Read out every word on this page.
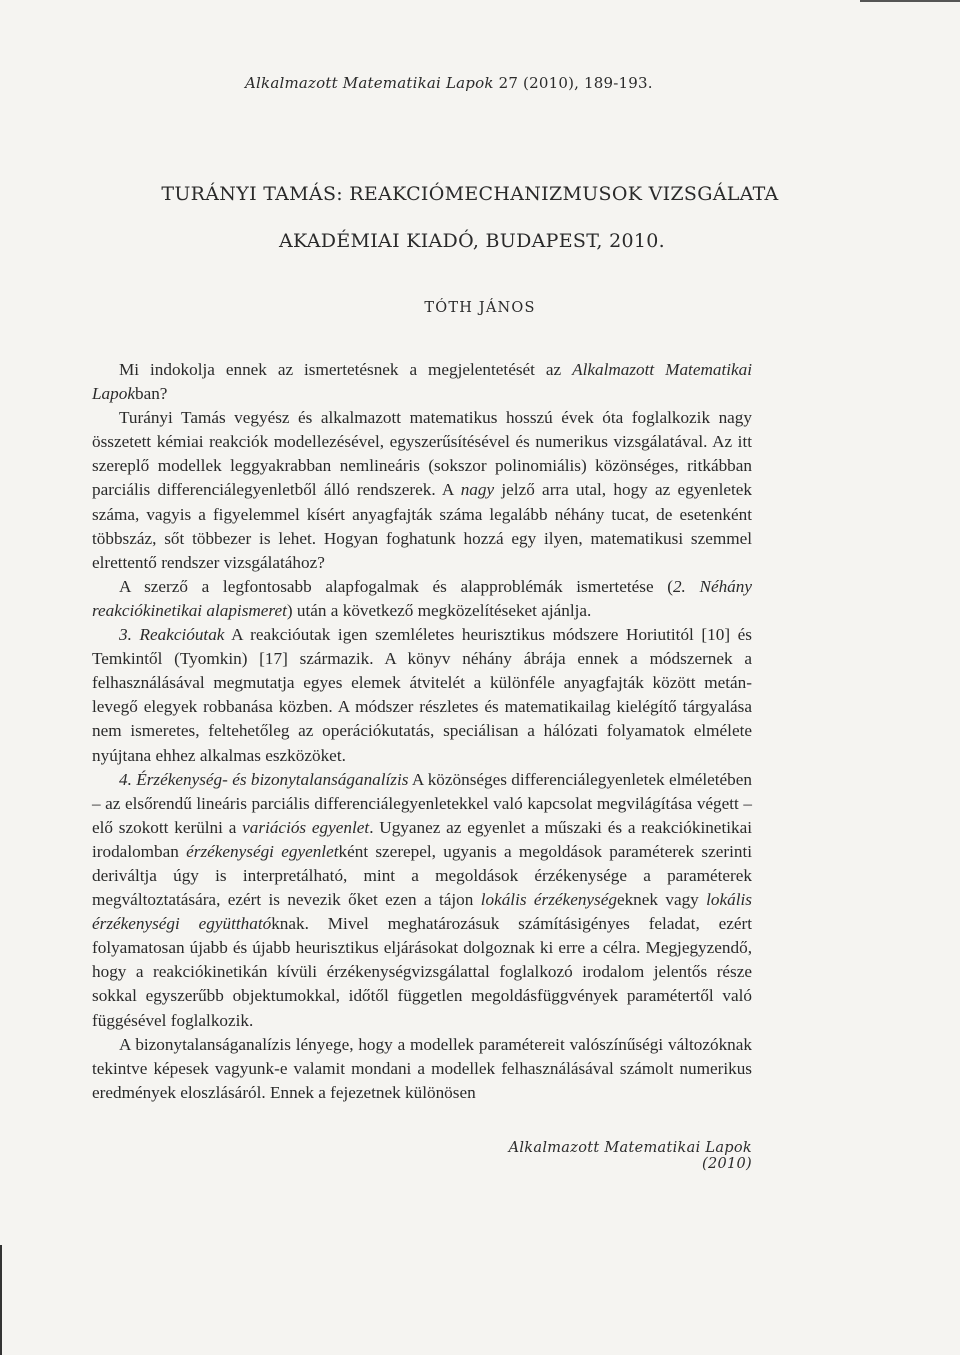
Alkalmazott Matematikai Lapok 27 (2010), 189-193.
TURÁNYI TAMÁS: REAKCIÓMECHANIZMUSOK VIZSGÁLATA
AKADÉMIAI KIADÓ, BUDAPEST, 2010.
TÓTH JÁNOS

Mi indokolja ennek az ismertetésnek a megjelentetését az Alkalmazott Matematikai Lapokban?

Turányi Tamás vegyész és alkalmazott matematikus hosszú évek óta foglalkozik nagy összetett kémiai reakciók modellezésével, egyszerűsítésével és numerikus vizsgálatával. Az itt szereplő modellek leggyakrabban nemlineáris (sokszor polinomiális) közönséges, ritkábban parciális differenciálegyenletből álló rendszerek. A nagy jelző arra utal, hogy az egyenletek száma, vagyis a figyelemmel kísért anyagfajták száma legalább néhány tucat, de esetenként többszáz, sőt többezer is lehet. Hogyan foghatunk hozzá egy ilyen, matematikusi szemmel elrettentő rendszer vizsgálatához?

A szerző a legfontosabb alapfogalmak és alapproblémák ismertetése (2. Néhány reakciókinetikai alapismeret) után a következő megközelítéseket ajánlja.

3. Reakcióutak A reakcióutak igen szemléletes heurisztikus módszere Horiutitól [10] és Temkintől (Tyomkin) [17] származik. A könyv néhány ábrája ennek a módszernek a felhasználásával megmutatja egyes elemek átvitelét a különféle anyagfajták között metán-levegő elegyek robbanása közben. A módszer részletes és matematikailag kielégítő tárgyalása nem ismeretes, feltehetőleg az operációkutatás, speciálisan a hálózati folyamatok elmélete nyújtana ehhez alkalmas eszközöket.

4. Érzékenység- és bizonytalanságanalízis A közönséges differenciálegyenletek elméletében – az elsőrendű lineáris parciális differenciálegyenletekkel való kapcsolat megvilágítása végett – elő szokott kerülni a variációs egyenlet. Ugyanez az egyenlet a műszaki és a reakciókinetikai irodalomban érzékenységi egyenletként szerepel, ugyanis a megoldások paraméterek szerinti deriváltja úgy is interpretálható, mint a megoldások érzékenysége a paraméterek megváltoztatására, ezért is nevezik őket ezen a tájon lokális érzékenységeknek vagy lokális érzékenységi együtthatóknak. Mivel meghatározásuk számításigényes feladat, ezért folyamatosan újabb és újabb heurisztikus eljárásokat dolgoznak ki erre a célra. Megjegyzendő, hogy a reakciókinetikán kívüli érzékenységvizsgálattal foglalkozó irodalom jelentős része sokkal egyszerűbb objektumokkal, időtől független megoldásfüggvények paramétertől való függésével foglalkozik.

A bizonytalanságanalízis lényege, hogy a modellek paramétereit valószínűségi változóknak tekintve képesek vagyunk-e valamit mondani a modellek felhasználásával számolt numerikus eredmények eloszlásáról. Ennek a fejezetnek különösen

Alkalmazott Matematikai Lapok (2010)
